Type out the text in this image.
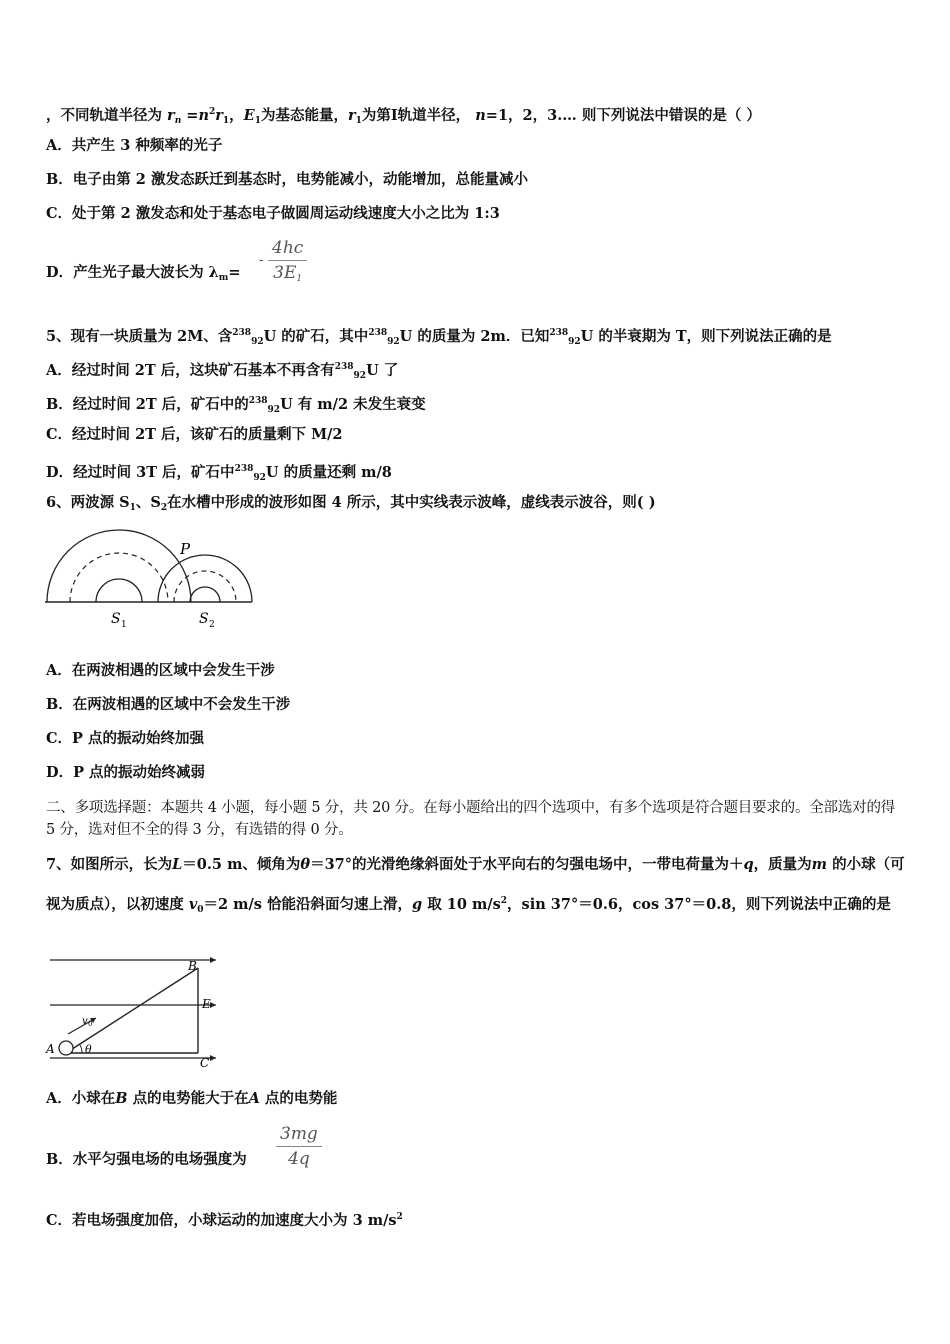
，不同轨道半径为 $r_n =n^2r_1$，$E_1$为基态能量，$r_1$为第Ⅰ轨道半径， n=1，2，3.… 则下列说法中错误的是（ ）
A．共产生 3 种频率的光子
B．电子由第 2 激发态跃迁到基态时，电势能减小，动能增加，总能量减小
C．处于第 2 激发态和处于基态电子做圆周运动线速度大小之比为 1:3
D．产生光子最大波长为 $\lambda_m=$
- $\frac{4hc}{3E_1}$
5、现有一块质量为 2M、含$^{238}_{92}$U 的矿石，其中$^{238}_{92}$U 的质量为 2m．已知$^{238}_{92}$U 的半衰期为 T，则下列说法正确的是
A．经过时间 2T 后，这块矿石基本不再含有$^{238}_{92}$U 了
B．经过时间 2T 后，矿石中的$^{238}_{92}$U 有 m/2 未发生衰变
C．经过时间 2T 后，该矿石的质量剩下 M/2
D．经过时间 3T 后，矿石中$^{238}_{92}$U 的质量还剩 m/8
6、两波源 $S_1$、$S_2$在水槽中形成的波形如图 4 所示，其中实线表示波峰，虚线表示波谷，则( )
P
S 1	S 2
A．在两波相遇的区域中会发生干涉
B．在两波相遇的区域中不会发生干涉
C．P 点的振动始终加强
D．P 点的振动始终减弱
二、多项选择题：本题共 4 小题，每小题 5 分，共 20 分。在每小题给出的四个选项中，有多个选项是符合题目要求的。全部选对的得 5 分，选对但不全的得 3 分，有选错的得 0 分。
7、如图所示，长为L＝0.5 m、倾角为θ＝37°的光滑绝缘斜面处于水平向右的匀强电场中，一带电荷量为＋q，质量为m 的小球（可视为质点），以初速度 $v_0=2$ m/s 恰能沿斜面匀速上滑，g 取 10 $m/s^2$，sin 37°＝0.6，cos 37°＝0.8，则下列说法中正确的是
A
B
E
C
v 0
θ
A．小球在B 点的电势能大于在A 点的电势能
B．水平匀强电场的电场强度为 $\frac{3mg}{4q}$
C．若电场强度加倍，小球运动的加速度大小为 3 $m/s^2$
